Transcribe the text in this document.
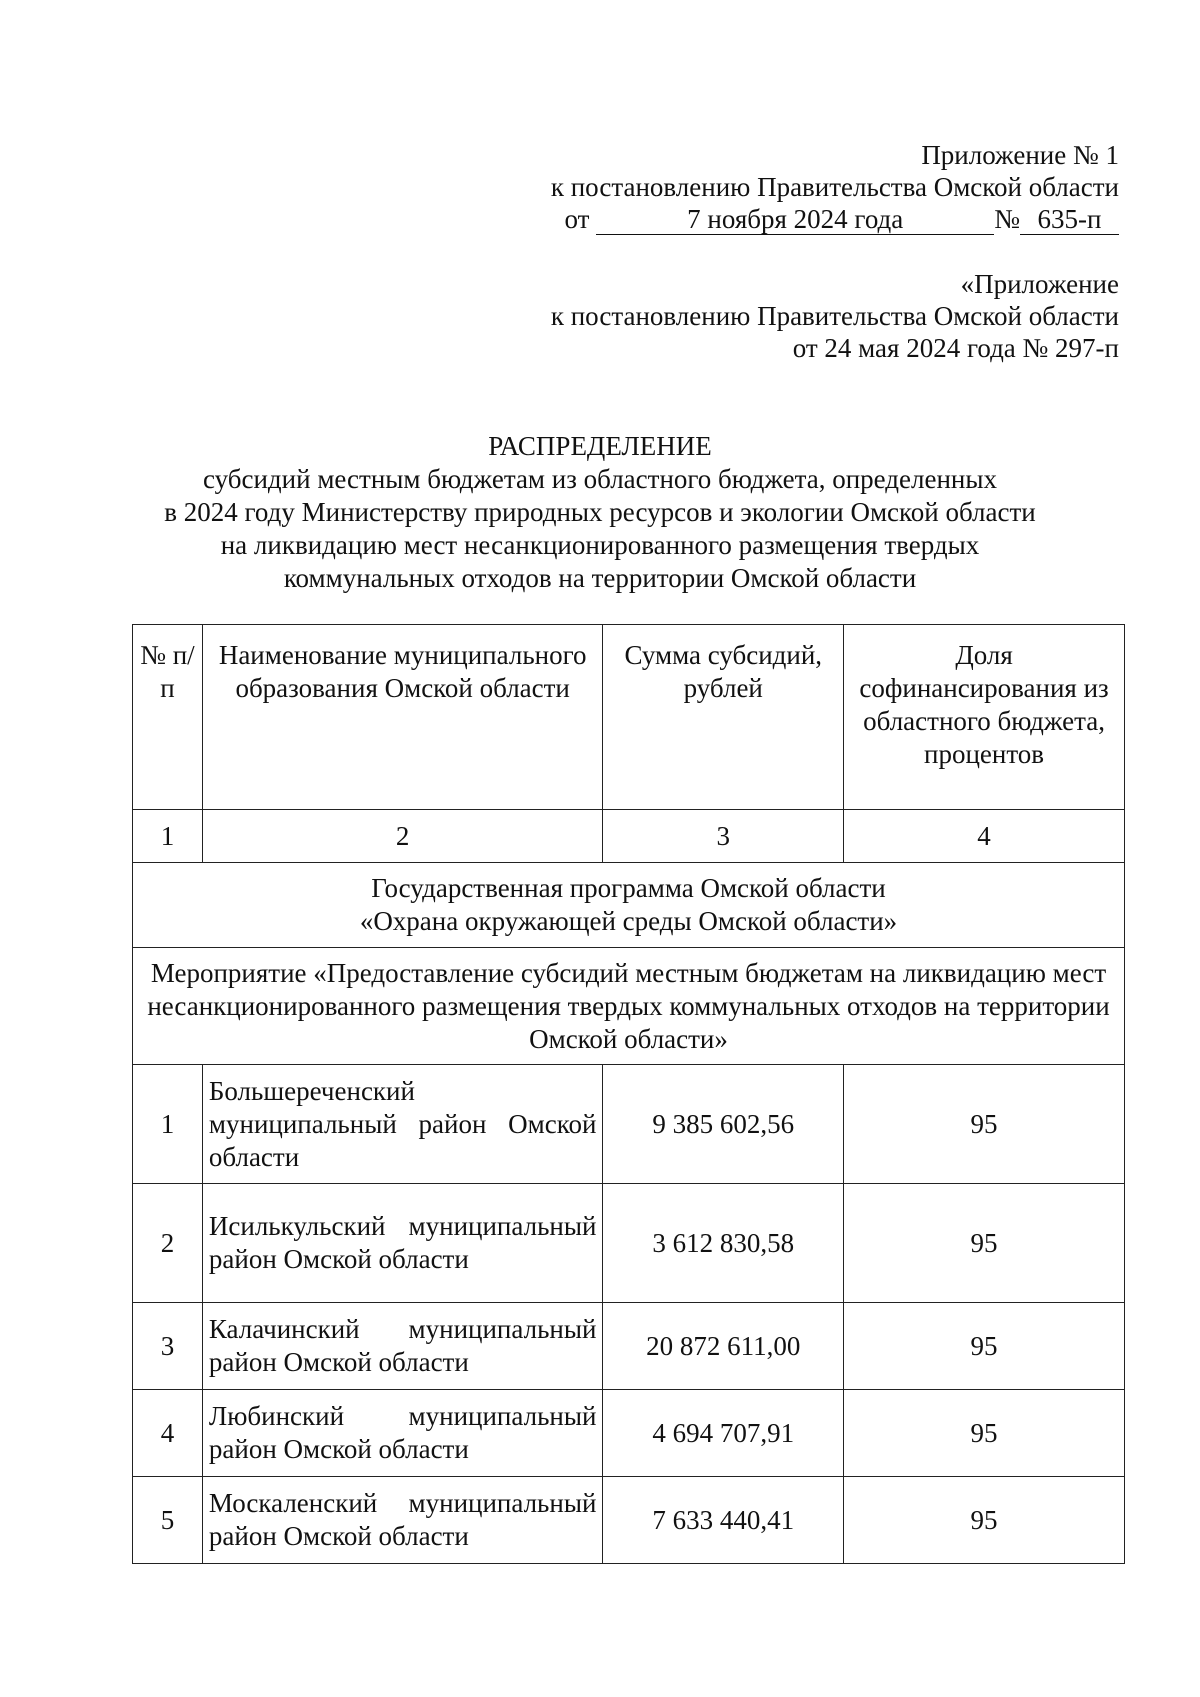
Приложение № 1
к постановлению Правительства Омской области
от	7 ноября 2024 года	№ 635-п
«Приложение
к постановлению Правительства Омской области
от 24 мая 2024 года № 297-п
РАСПРЕДЕЛЕНИЕ
субсидий местным бюджетам из областного бюджета, определенных
в 2024 году Министерству природных ресурсов и экологии Омской области
на ликвидацию мест несанкционированного размещения твердых
коммунальных отходов на территории Омской области
№ п/п	Наименование муниципального образования Омской области	Сумма субсидий, рублей	Доля софинансирования из областного бюджета, процентов
1	2	3	4
Государственная программа Омской области «Охрана окружающей среды Омской области»			
Мероприятие «Предоставление субсидий местным бюджетам на ликвидацию мест несанкционированного размещения твердых коммунальных отходов на территории Омской области»			
1	Большереченский муниципальный район Омской области	9 385 602,56	95
2	Исилькульский муниципальный район Омской области	3 612 830,58	95
3	Калачинский муниципальный район Омской области	20 872 611,00	95
4	Любинский муниципальный район Омской области	4 694 707,91	95
5	Москаленский муниципальный район Омской области	7 633 440,41	95
